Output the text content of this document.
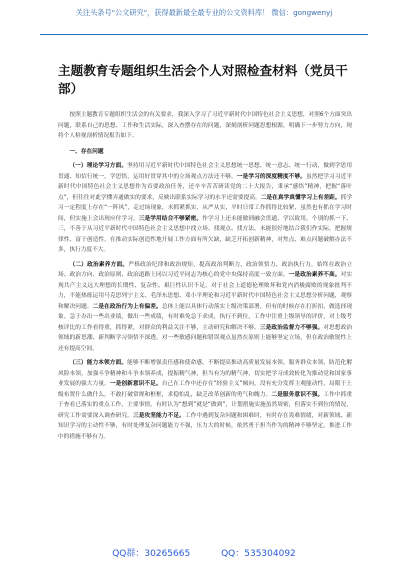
关注头条号"公文研究"，获得最新最全最专业的公文资料库！ 微信：gongwenyj
主题教育专题组织生活会个人对照检查材料（党员干部）

按照主题教育专题组织生活会的有关要求，我深入学习了习近平新时代中国特色社会主义思想，对照6个方面突出问题，联系自己的思想、工作和生活实际，深入查摆存在的问题，深刻剖析问题思想根源，明确下一步努力方向，现将个人检视剖析情况报告如下。

一、存在问题

（一）理论学习方面。坚持用习近平新时代中国特色社会主义思想统一思想、统一意志、统一行动，做到学思用贯通、知信行统一，学思悟，运用好贯穿其中的立场观点方法还不够。一是学习的深度精度不够。虽然把学习习近平新时代中国特色社会主义思想作为首要政治任务，还辛辛苦苦研读党的二十大报告，秉承“感悟”精神，把握“落叶点”，但往往对此学懂弄通做实的要求，反映出联系实际学习的水平还需要提高。二是在真学真懂学习上有差距。抓学习一定程度上存在“一阵风”，走过场现象，未抓紧抓实，从严从实、平时日常工作抓得比较紧，虽然也有抓在学习时间，但实施上会出现应付学习。三是学用结合不够紧密。作学习上还未能做到融会贯通、学以致用，个别的抓一下、三，不善于从习近平新时代中国特色社会主义思想中找立场、找观点、找方法，未能很好地结合我们作实际，把握规律性、富于创造性，在推动实际创造性地开展工作方面有所欠缺，缺乏开拓创新精神，对焦点、难点问题破解办法不多，执行力度不大。

（二）政治素养方面。严格政治纪律和政治规矩，提高政治判断力、政治领悟力、政治执行力，始终在政治立场、政治方向、政治原则、政治道路上同以习近平同志为核心的党中央保持高度一致方面。一是政治素养不高。对实现共产主义远大理想的长期性、复杂性、艰巨性认识不足，对于社会上道德伦理败坏和党内消极腐败的现象批判不力，不能热练运用马克思列宁主义、毛泽东思想、邓小平理论和习近平新时代中国特色社会主义思想分析问题，观察和解决问题。二是在政治行为上有偏差。总体上能以具体行动落实上级决策部署，但有的时候存在打折扣、做选择现象。急于办出一些出业绩，做出一些成绩，有时难免急于求成，执行不到位，工作中注重上级领导的评价，对上级考核评比的工作看得重，抓得紧，对群众的利益关注不够，主动研究和解决不够。三是政治监督力不够强。对思想政治领域的新思潮、新判断学习领悟不深透，对一些敏感问题和错误观点虽然在原则上能够坚定立场，但在政治敏锐性上还有提高空间。

（三）能力本领方面。能够不断增强责任感和使命感，不断提高推动高质量发展本领、服务群众本领、防范化解风险本领，加强斗争精神和斗争本领养成，提振精气神，担当有为的精气神，切实把学习成效转化为推动党和国家事业发展的强大力量。一是创新意识不足。自己在工作中还存在“经验主义”倾向，没有充分发挥主观能动性，局限于上级布置什么做什么，不敢打破常规和框框，求稳怕乱，缺乏改革创新的勇气和魄力。二是服务意识不强。工作中抓重于查看已落实的重点工作，主要事情，有时认为“想到”就是“做到”，计划措施实施虽然周密，但落实不到位的情况，研究工作需要深入调查研究。三是攻坚能力不足。工作中遇到复杂问题和困难时，有时存在畏难情绪，对新领域、新知识学习的主动性不够，有时处理复杂问题能力不强，压力大的时候，依然勇于担当作为的精神不够坚定，推进工作中的措施不够有力。

QQ群：30265665	QQ：535304092
